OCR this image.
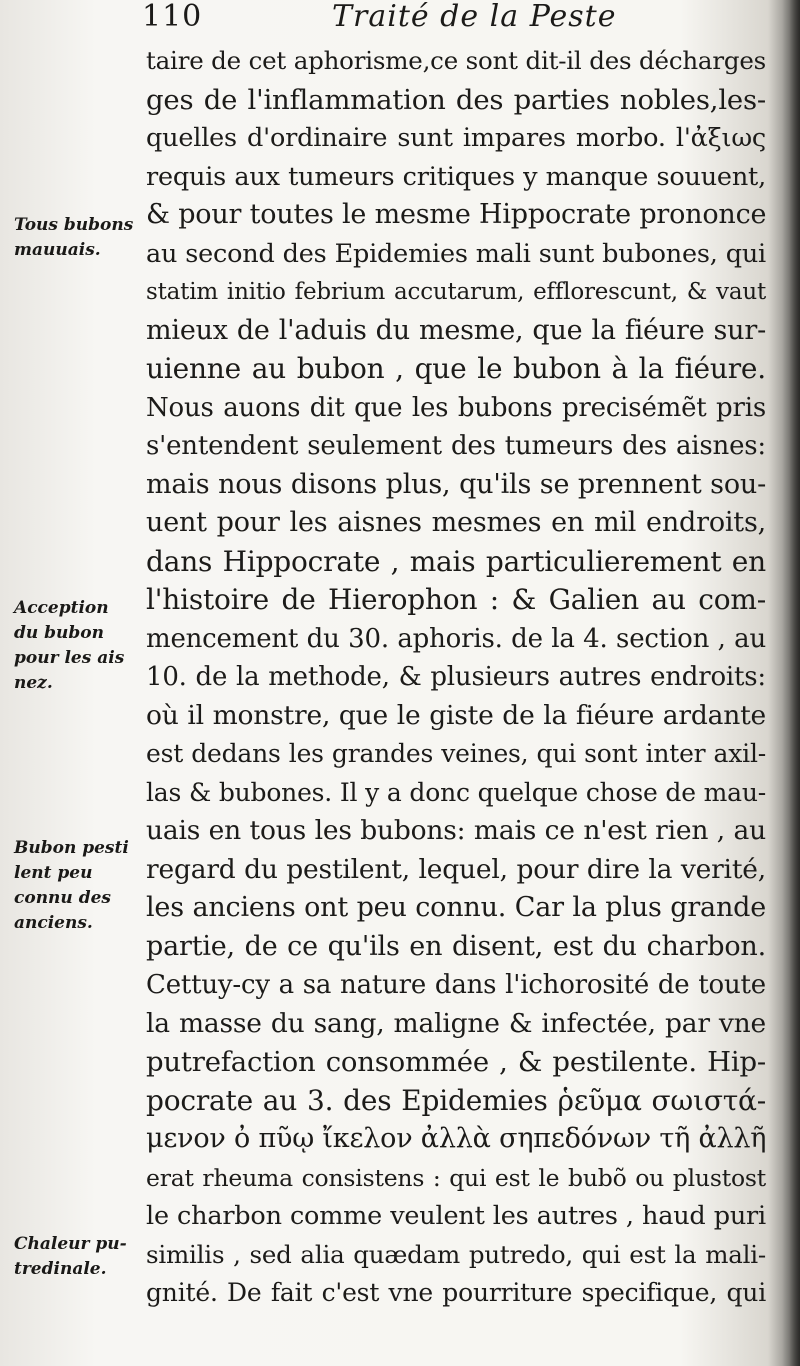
110	Traité de la Peste
Tous bubons
mauuais.
Acception
du bubon
pour les ais
nez.
Bubon pesti
lent peu
connu des
anciens.
Chaleur pu-
tredinale.
taire de cet aphorisme,ce sont dit-il des décharges
ges de l'inflammation des parties nobles,les-
quelles d'ordinaire sunt impares morbo. l'ἀξιως
requis aux tumeurs critiques y manque souuent,
& pour toutes le mesme Hippocrate prononce
au second des Epidemies mali sunt bubones, qui
statim initio febrium accutarum, efflorescunt, & vaut
mieux de l'aduis du mesme, que la fiéure sur-
uienne au bubon , que le bubon à la fiéure.
Nous auons dit que les bubons precisémẽt pris
s'entendent seulement des tumeurs des aisnes:
mais nous disons plus, qu'ils se prennent sou-
uent pour les aisnes mesmes en mil endroits,
dans Hippocrate , mais particulierement en
l'histoire de Hierophon : & Galien au com-
mencement du 30. aphoris. de la 4. section , au
10. de la methode, & plusieurs autres endroits:
où il monstre, que le giste de la fiéure ardante
est dedans les grandes veines, qui sont inter axil-
las & bubones. Il y a donc quelque chose de mau-
uais en tous les bubons: mais ce n'est rien , au
regard du pestilent, lequel, pour dire la verité,
les anciens ont peu connu. Car la plus grande
partie, de ce qu'ils en disent, est du charbon.
Cettuy-cy a sa nature dans l'ichorosité de toute
la masse du sang, maligne & infectée, par vne
putrefaction consommée , & pestilente. Hip-
pocrate au 3. des Epidemies ῥεῦμα σωιστά-
μενον ὀ πῦῳ ἴκελον ἀλλὰ σηπεδόνων τῆ ἀλλῆ
erat rheuma consistens : qui est le bubõ ou plustost
le charbon comme veulent les autres , haud puri
similis , sed alia quædam putredo, qui est la mali-
gnité. De fait c'est vne pourriture specifique, qui
